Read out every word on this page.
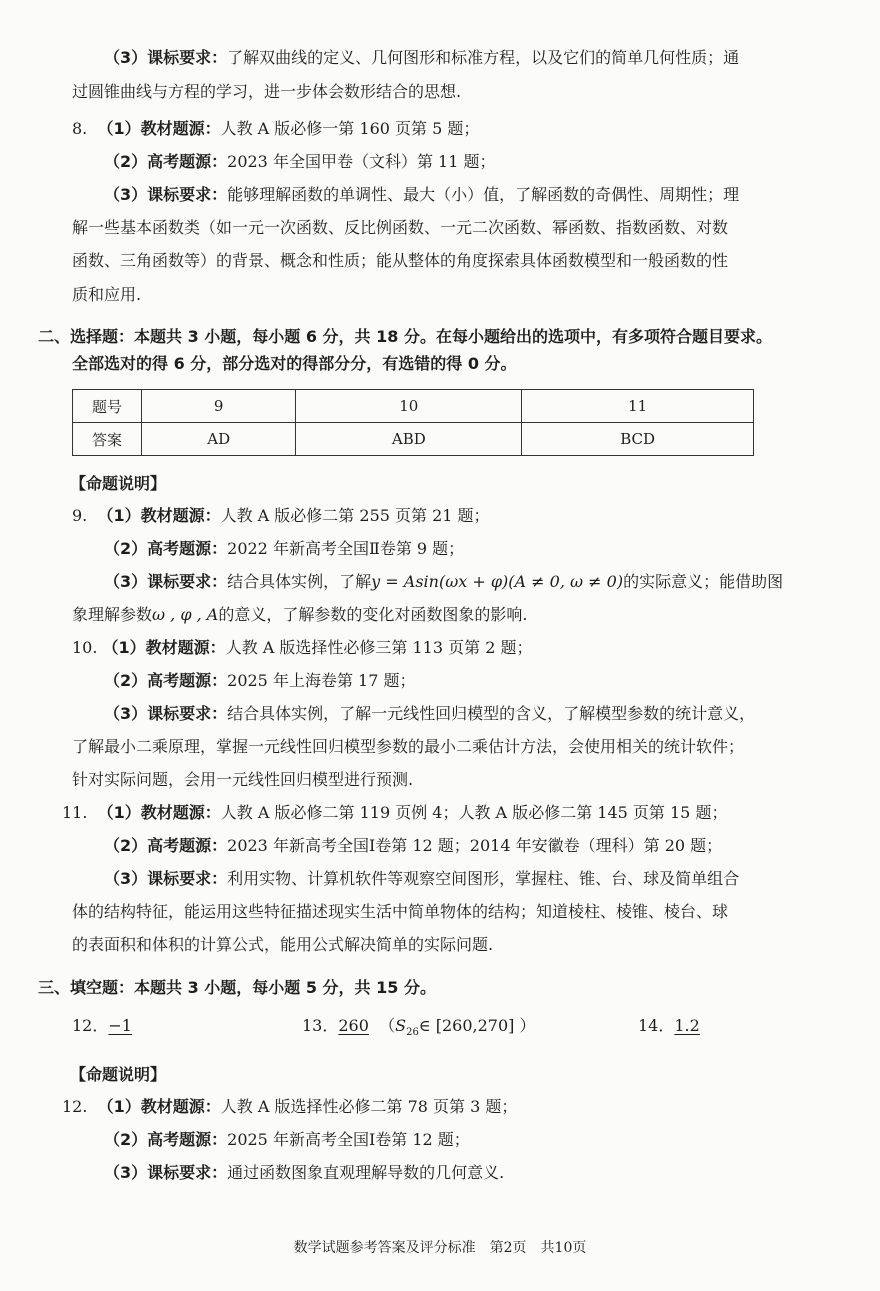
（3）课标要求：了解双曲线的定义、几何图形和标准方程，以及它们的简单几何性质；通
过圆锥曲线与方程的学习，进一步体会数形结合的思想.
8. （1）教材题源：人教 A 版必修一第 160 页第 5 题；
（2）高考题源：2023 年全国甲卷（文科）第 11 题；
（3）课标要求：能够理解函数的单调性、最大（小）值，了解函数的奇偶性、周期性；理
解一些基本函数类（如一元一次函数、反比例函数、一元二次函数、幂函数、指数函数、对数
函数、三角函数等）的背景、概念和性质；能从整体的角度探索具体函数模型和一般函数的性
质和应用.
二、选择题：本题共 3 小题，每小题 6 分，共 18 分。在每小题给出的选项中，有多项符合题目要求。
全部选对的得 6 分，部分选对的得部分分，有选错的得 0 分。
题号	9	10	11
答案	AD	ABD	BCD
【命题说明】
9. （1）教材题源：人教 A 版必修二第 255 页第 21 题；
（2）高考题源：2022 年新高考全国Ⅱ卷第 9 题；
（3）课标要求：结合具体实例，了解y = Asin(ωx + φ)(A ≠ 0, ω ≠ 0)的实际意义；能借助图
象理解参数ω , φ , A的意义，了解参数的变化对函数图象的影响.
10. （1）教材题源：人教 A 版选择性必修三第 113 页第 2 题；
（2）高考题源：2025 年上海卷第 17 题；
（3）课标要求：结合具体实例，了解一元线性回归模型的含义，了解模型参数的统计意义，
了解最小二乘原理，掌握一元线性回归模型参数的最小二乘估计方法，会使用相关的统计软件；
针对实际问题，会用一元线性回归模型进行预测.
11. （1）教材题源：人教 A 版必修二第 119 页例 4；人教 A 版必修二第 145 页第 15 题；
（2）高考题源：2023 年新高考全国Ⅰ卷第 12 题；2014 年安徽卷（理科）第 20 题；
（3）课标要求：利用实物、计算机软件等观察空间图形，掌握柱、锥、台、球及简单组合
体的结构特征，能运用这些特征描述现实生活中简单物体的结构；知道棱柱、棱锥、棱台、球
的表面积和体积的计算公式，能用公式解决简单的实际问题.
三、填空题：本题共 3 小题，每小题 5 分，共 15 分。
12．−1	13．260 （$S_{26}\in$ [260,270] ）	14．1.2
【命题说明】
12. （1）教材题源：人教 A 版选择性必修二第 78 页第 3 题；
（2）高考题源：2025 年新高考全国Ⅰ卷第 12 题；
（3）课标要求：通过函数图象直观理解导数的几何意义.
数学试题参考答案及评分标准　第2页　共10页
